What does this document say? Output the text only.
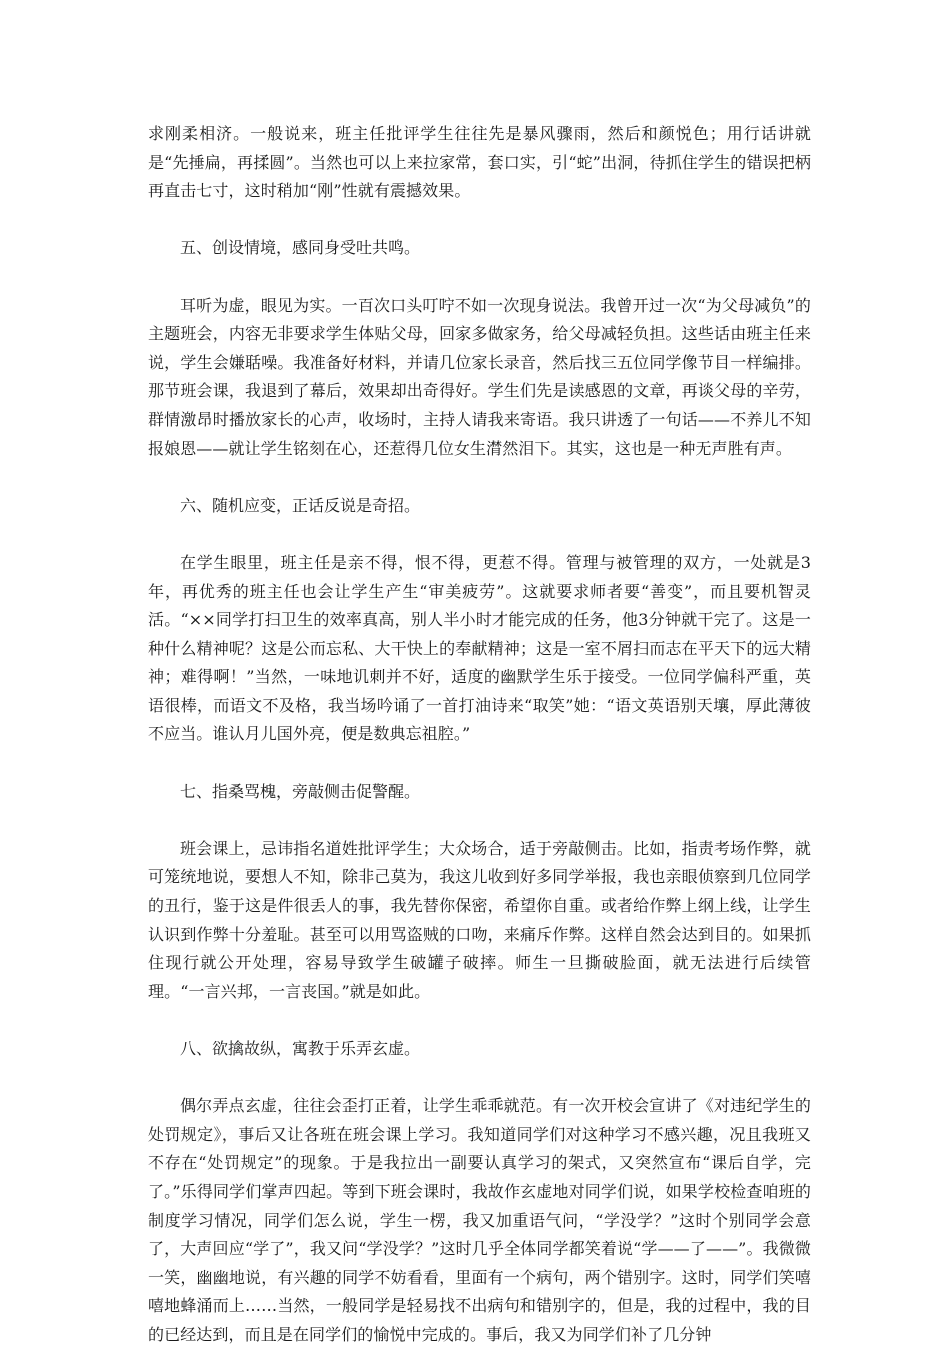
求刚柔相济。一般说来，班主任批评学生往往先是暴风骤雨，然后和颜悦色；用行话讲就是“先捶扁，再揉圆”。当然也可以上来拉家常，套口实，引“蛇”出洞，待抓住学生的错误把柄再直击七寸，这时稍加“刚”性就有震撼效果。

五、创设情境，感同身受吐共鸣。

耳听为虚，眼见为实。一百次口头叮咛不如一次现身说法。我曾开过一次“为父母减负”的主题班会，内容无非要求学生体贴父母，回家多做家务，给父母减轻负担。这些话由班主任来说，学生会嫌聒噪。我准备好材料，并请几位家长录音，然后找三五位同学像节目一样编排。那节班会课，我退到了幕后，效果却出奇得好。学生们先是读感恩的文章，再谈父母的辛劳，群情激昂时播放家长的心声，收场时，主持人请我来寄语。我只讲透了一句话——不养儿不知报娘恩——就让学生铭刻在心，还惹得几位女生潸然泪下。其实，这也是一种无声胜有声。

六、随机应变，正话反说是奇招。

在学生眼里，班主任是亲不得，恨不得，更惹不得。管理与被管理的双方，一处就是3年，再优秀的班主任也会让学生产生“审美疲劳”。这就要求师者要“善变”，而且要机智灵活。“××同学打扫卫生的效率真高，别人半小时才能完成的任务，他3分钟就干完了。这是一种什么精神呢？这是公而忘私、大干快上的奉献精神；这是一室不屑扫而志在平天下的远大精神；难得啊！”当然，一味地讥刺并不好，适度的幽默学生乐于接受。一位同学偏科严重，英语很棒，而语文不及格，我当场吟诵了一首打油诗来“取笑”她：“语文英语别天壤，厚此薄彼不应当。谁认月儿国外亮，便是数典忘祖腔。”

七、指桑骂槐，旁敲侧击促警醒。

班会课上，忌讳指名道姓批评学生；大众场合，适于旁敲侧击。比如，指责考场作弊，就可笼统地说，要想人不知，除非己莫为，我这儿收到好多同学举报，我也亲眼侦察到几位同学的丑行，鉴于这是件很丢人的事，我先替你保密，希望你自重。或者给作弊上纲上线，让学生认识到作弊十分羞耻。甚至可以用骂盗贼的口吻，来痛斥作弊。这样自然会达到目的。如果抓住现行就公开处理，容易导致学生破罐子破摔。师生一旦撕破脸面，就无法进行后续管理。“一言兴邦，一言丧国。”就是如此。

八、欲擒故纵，寓教于乐弄玄虚。

偶尔弄点玄虚，往往会歪打正着，让学生乖乖就范。有一次开校会宣讲了《对违纪学生的处罚规定》，事后又让各班在班会课上学习。我知道同学们对这种学习不感兴趣，况且我班又不存在“处罚规定”的现象。于是我拉出一副要认真学习的架式，又突然宣布“课后自学，完了。”乐得同学们掌声四起。等到下班会课时，我故作玄虚地对同学们说，如果学校检查咱班的制度学习情况，同学们怎么说，学生一楞，我又加重语气问，“学没学？”这时个别同学会意了，大声回应“学了”，我又问“学没学？”这时几乎全体同学都笑着说“学——了——”。我微微一笑，幽幽地说，有兴趣的同学不妨看看，里面有一个病句，两个错别字。这时，同学们笑嘻嘻地蜂涌而上……当然，一般同学是轻易找不出病句和错别字的，但是，我的过程中，我的目的已经达到，而且是在同学们的愉悦中完成的。事后，我又为同学们补了几分钟
